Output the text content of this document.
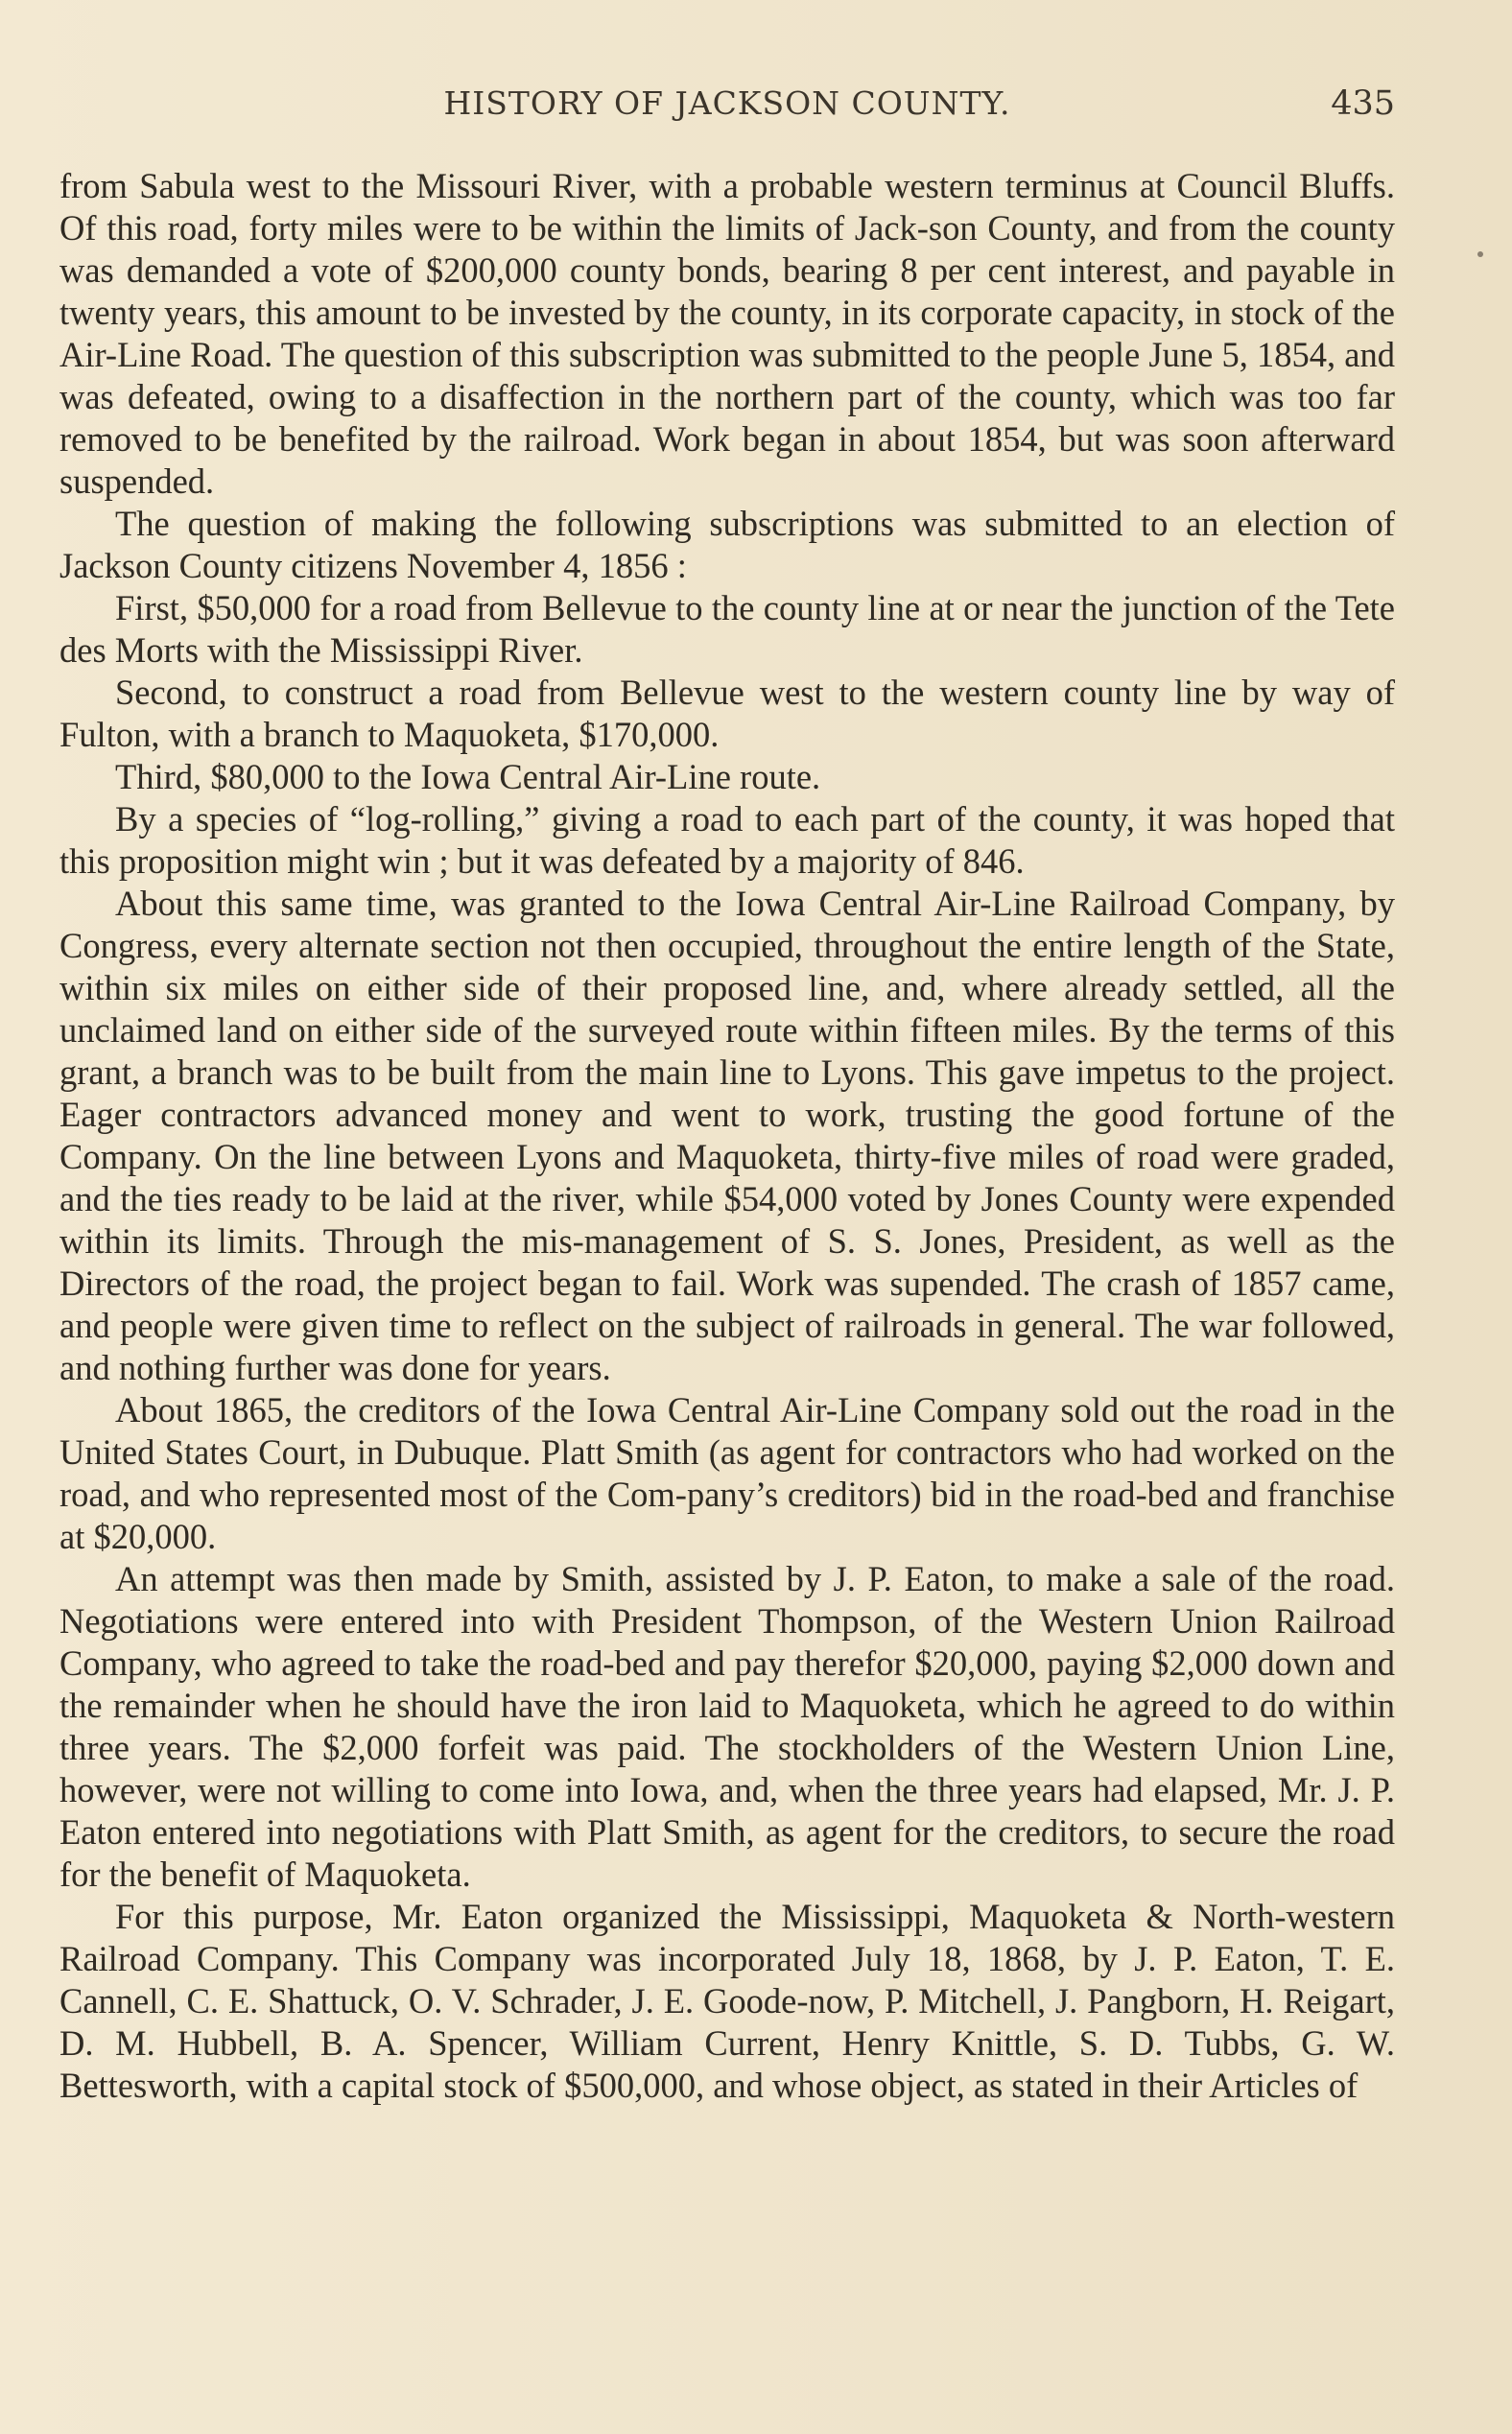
HISTORY OF JACKSON COUNTY.	435

from Sabula west to the Missouri River, with a probable western terminus at Council Bluffs. Of this road, forty miles were to be within the limits of Jack-son County, and from the county was demanded a vote of $200,000 county bonds, bearing 8 per cent interest, and payable in twenty years, this amount to be invested by the county, in its corporate capacity, in stock of the Air-Line Road. The question of this subscription was submitted to the people June 5, 1854, and was defeated, owing to a disaffection in the northern part of the county, which was too far removed to be benefited by the railroad. Work began in about 1854, but was soon afterward suspended.

The question of making the following subscriptions was submitted to an election of Jackson County citizens November 4, 1856 :

First, $50,000 for a road from Bellevue to the county line at or near the junction of the Tete des Morts with the Mississippi River.

Second, to construct a road from Bellevue west to the western county line by way of Fulton, with a branch to Maquoketa, $170,000.

Third, $80,000 to the Iowa Central Air-Line route.

By a species of “log-rolling,” giving a road to each part of the county, it was hoped that this proposition might win ; but it was defeated by a majority of 846.

About this same time, was granted to the Iowa Central Air-Line Railroad Company, by Congress, every alternate section not then occupied, throughout the entire length of the State, within six miles on either side of their proposed line, and, where already settled, all the unclaimed land on either side of the surveyed route within fifteen miles. By the terms of this grant, a branch was to be built from the main line to Lyons. This gave impetus to the project. Eager contractors advanced money and went to work, trusting the good fortune of the Company. On the line between Lyons and Maquoketa, thirty-five miles of road were graded, and the ties ready to be laid at the river, while $54,000 voted by Jones County were expended within its limits. Through the mis-management of S. S. Jones, President, as well as the Directors of the road, the project began to fail. Work was supended. The crash of 1857 came, and people were given time to reflect on the subject of railroads in general. The war followed, and nothing further was done for years.

About 1865, the creditors of the Iowa Central Air-Line Company sold out the road in the United States Court, in Dubuque. Platt Smith (as agent for contractors who had worked on the road, and who represented most of the Com-pany’s creditors) bid in the road-bed and franchise at $20,000.

An attempt was then made by Smith, assisted by J. P. Eaton, to make a sale of the road. Negotiations were entered into with President Thompson, of the Western Union Railroad Company, who agreed to take the road-bed and pay therefor $20,000, paying $2,000 down and the remainder when he should have the iron laid to Maquoketa, which he agreed to do within three years. The $2,000 forfeit was paid. The stockholders of the Western Union Line, however, were not willing to come into Iowa, and, when the three years had elapsed, Mr. J. P. Eaton entered into negotiations with Platt Smith, as agent for the creditors, to secure the road for the benefit of Maquoketa.

For this purpose, Mr. Eaton organized the Mississippi, Maquoketa & North-western Railroad Company. This Company was incorporated July 18, 1868, by J. P. Eaton, T. E. Cannell, C. E. Shattuck, O. V. Schrader, J. E. Goode-now, P. Mitchell, J. Pangborn, H. Reigart, D. M. Hubbell, B. A. Spencer, William Current, Henry Knittle, S. D. Tubbs, G. W. Bettesworth, with a capital stock of $500,000, and whose object, as stated in their Articles of
